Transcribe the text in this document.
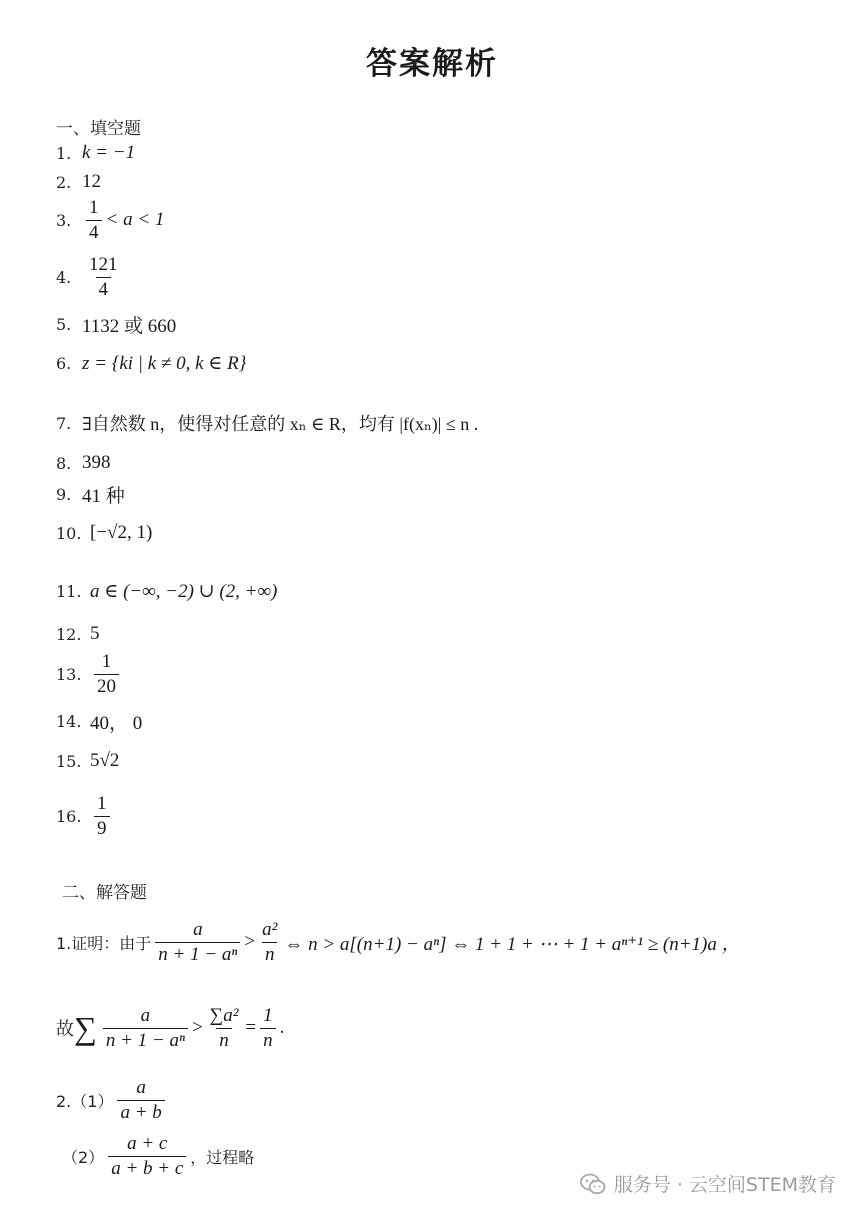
答案解析
一、填空题
1. k = −1
2. 12
3. $\frac{1}{4} < a < 1$
4. $\frac{121}{4}$
5. 1132 或 660
6. z = {ki | k ≠ 0, k ∈ R}
7. ∃自然数 n，使得对任意的 xₙ ∈ R，均有 |f(xₙ)| ≤ n .
8. 398
9. 41 种
10. [−√2, 1)
11. a ∈ (−∞, −2) ∪ (2, +∞)
12. 5
13. $\frac{1}{20}$
14. 40， 0
15. 5√2
16. $\frac{1}{9}$
二、解答题
1.证明：由于 $\frac{a}{\text{n + 1 − aⁿ}} > \frac{\text{a²}}{n}$ ⇔ n > a[(n+1) − aⁿ] ⇔ 1 + 1 + ⋯ + 1 + aⁿ⁺¹ ≥ (n+1)a ，
故 ∑ $\frac{a}{\text{n + 1 − aⁿ}} > \frac{\text{∑a²}}{n} = \frac{1}{n}$ .
$2.(1) \frac{a}{a + b}$
$(2) \frac{a + c}{a + b + c}$ ，过程略
服务号 · 云空间STEM教育
